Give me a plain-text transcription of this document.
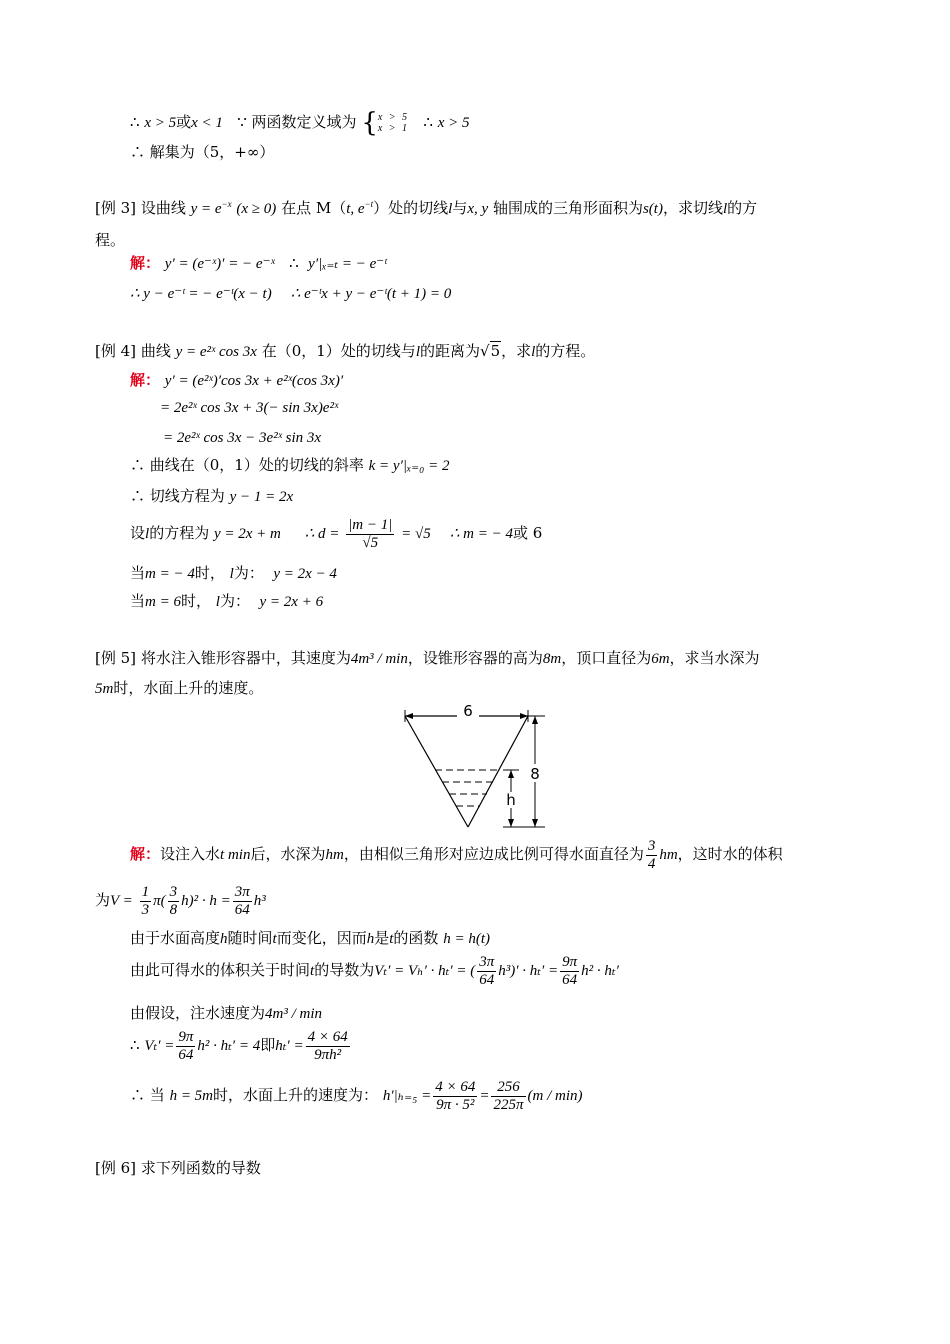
∴ x > 5或x < 1 ∵ 两函数定义域为 {x > 5
x > 1 ∴ x > 5
∴ 解集为（5，+∞）
[例 3] 设曲线 $y = e^{-x}$ (x ≥ 0) 在点 M（t, $e^{-t}$）处的切线l与x, y 轴围成的三角形面积为s(t)，求切线l的方
程。
解： y′ = (e⁻ˣ)′ = − e⁻ˣ ∴ y′|ₓ₌ₜ = − e⁻ᵗ
∴ y − e⁻ᵗ = − e⁻ᵗ(x − t) ∴ e⁻ᵗx + y − e⁻ᵗ(t + 1) = 0
[例 4] 曲线 y = e²ˣ cos 3x 在（0，1）处的切线与l的距离为√5，求l的方程。
解： y′ = (e²ˣ)′cos 3x + e²ˣ(cos 3x)′
= 2e²ˣ cos 3x + 3(− sin 3x)e²ˣ
= 2e²ˣ cos 3x − 3e²ˣ sin 3x
∴ 曲线在（0，1）处的切线的斜率 k = y′|ₓ₌₀ = 2
∴ 切线方程为 y − 1 = 2x
设l的方程为 y = 2x + m ∴ $d = \frac{|m - 1|}{√5} = √5$ ∴ m = − 4或 6
当m = − 4时， l为： y = 2x − 4
当m = 6时， l为： y = 2x + 6
[例 5] 将水注入锥形容器中，其速度为4m³ / min，设锥形容器的高为8m，顶口直径为6m，求当水深为
5m时，水面上升的速度。
6
8
h
解：设注入水t min后，水深为hm，由相似三角形对应边成比例可得水面直径为 $\frac{3}{4}$ hm，这时水的体积
为$V = \frac{1}{3} \pi( \frac{3}{8} h)^2 \cdot h = \frac{3\pi}{64} h^3$
由于水面高度h随时间t而变化，因而h是t的函数 h = h(t)
由此可得水的体积关于时间t的导数为Vₜ′ = Vₕ′ · hₜ′ = ( $\frac{3\pi}{64} h^3)' \cdot h_t' = \frac{9\pi}{64} h^2 \cdot h_t'$
由假设，注水速度为4m³ / min
∴ $V_t' = \frac{9\pi}{64} h^2 \cdot h_t' = 4$即$h_t' = \frac{4 \times 64}{\text{9πh²}}$
∴ 当 h = 5m时，水面上升的速度为： $h'|_{h=5} = \frac{4 \times 64}{\text{9π · 5²}} = \frac{256}{225\pi} (m / \min)$
[例 6] 求下列函数的导数
